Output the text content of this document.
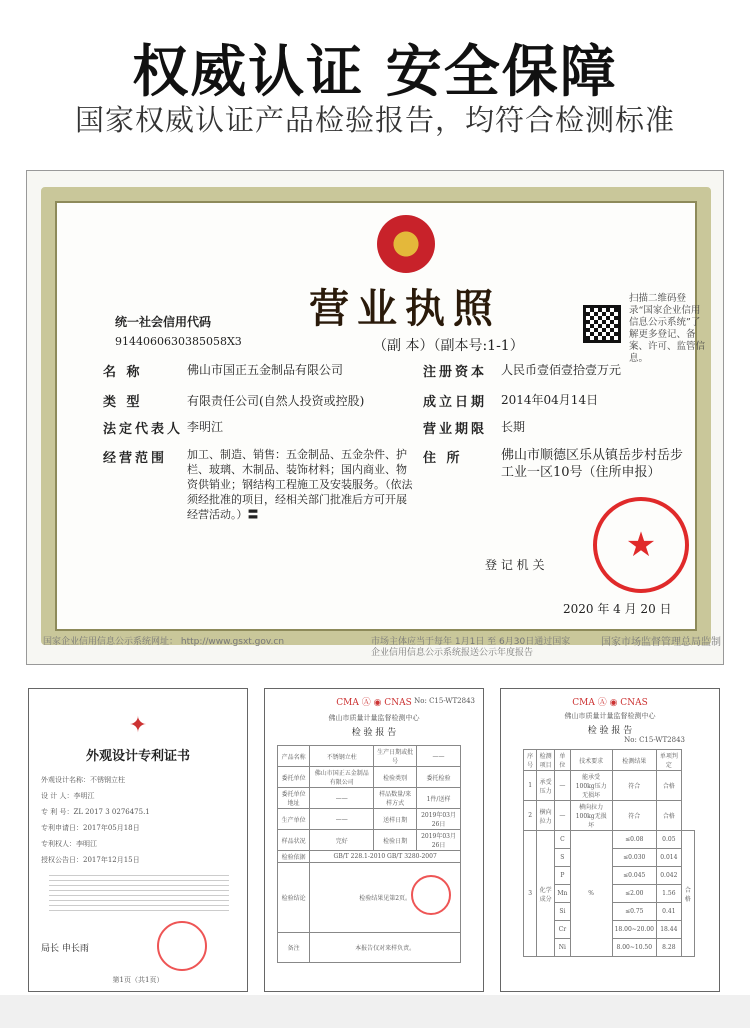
权威认证 安全保障
国家权威认证产品检验报告，均符合检测标准
统一社会信用代码
9144060630385058X3
营业执照
（副 本）（副本号:1-1）
扫描二维码登录“国家企业信用信息公示系统”了解更多登记、备案、许可、监管信息。
名 称	佛山市国正五金制品有限公司
类 型	有限责任公司(自然人投资或控股)
法定代表人 李明江
经营范围 加工、制造、销售：五金制品、五金杂件、护栏、玻璃、木制品、装饰材料；国内商业、物资供销业；钢结构工程施工及安装服务。（依法须经批准的项目，经相关部门批准后方可开展经营活动。）〓
注册资本 人民币壹佰壹拾壹万元
成立日期 2014年04月14日
营业期限 长期
住 所	佛山市顺德区乐从镇岳步村岳步工业一区10号（住所申报）
登 记 机 关	★
2020 年 4 月 20 日
国家企业信用信息公示系统网址： http://www.gsxt.gov.cn	市场主体应当于每年 1月1日 至 6月30日通过国家企业信用信息公示系统报送公示年度报告
国家市场监督管理总局监制
✦
外观设计专利证书
外观设计名称：不锈钢立柱
设 计 人：李明江
专 利 号：ZL 2017 3 0276475.1
专利申请日：2017年05月18日
专利权人：李明江
授权公告日：2017年12月15日
局长 申长雨
第1页（共1页）
CMA Ⓐ ◉ CNAS No: C15-WT2843
佛山市质量计量监督检测中心
检 验 报 告
产品名称	不锈钢立柱	生产日期或批号	——
委托单位	佛山市国正五金制品有限公司	检验类别	委托检验
委托单位地址	——	样品数量/来样方式	1件/送样
生产单位	——	送样日期	2019年03月26日
样品状况	完好	检验日期	2019年03月26日
检验依据	GB/T 228.1-2010 GB/T 3280-2007		
检验结论	检验结果见第2页。		
备注	本报告仅对来样负责。		
CMA Ⓐ ◉ CNAS
佛山市质量计量监督检测中心
检 验 报 告
No: C15-WT2843
序号	检测项目	单位	技术要求	检测结果	单项判定	
1	承受压力	—	能承受100kg压力无损坏	符合	合格	
2	横向拉力	—	横向拉力100kg无损坏	符合	合格	
3	化学成分	C	%	≤0.08	0.05	合格
		S		≤0.030	0.014	
		P		≤0.045	0.042	
		Mn		≤2.00	1.56	
		Si		≤0.75	0.41	
		Cr		18.00~20.00	18.44	
		Ni		8.00~10.50	8.28	
